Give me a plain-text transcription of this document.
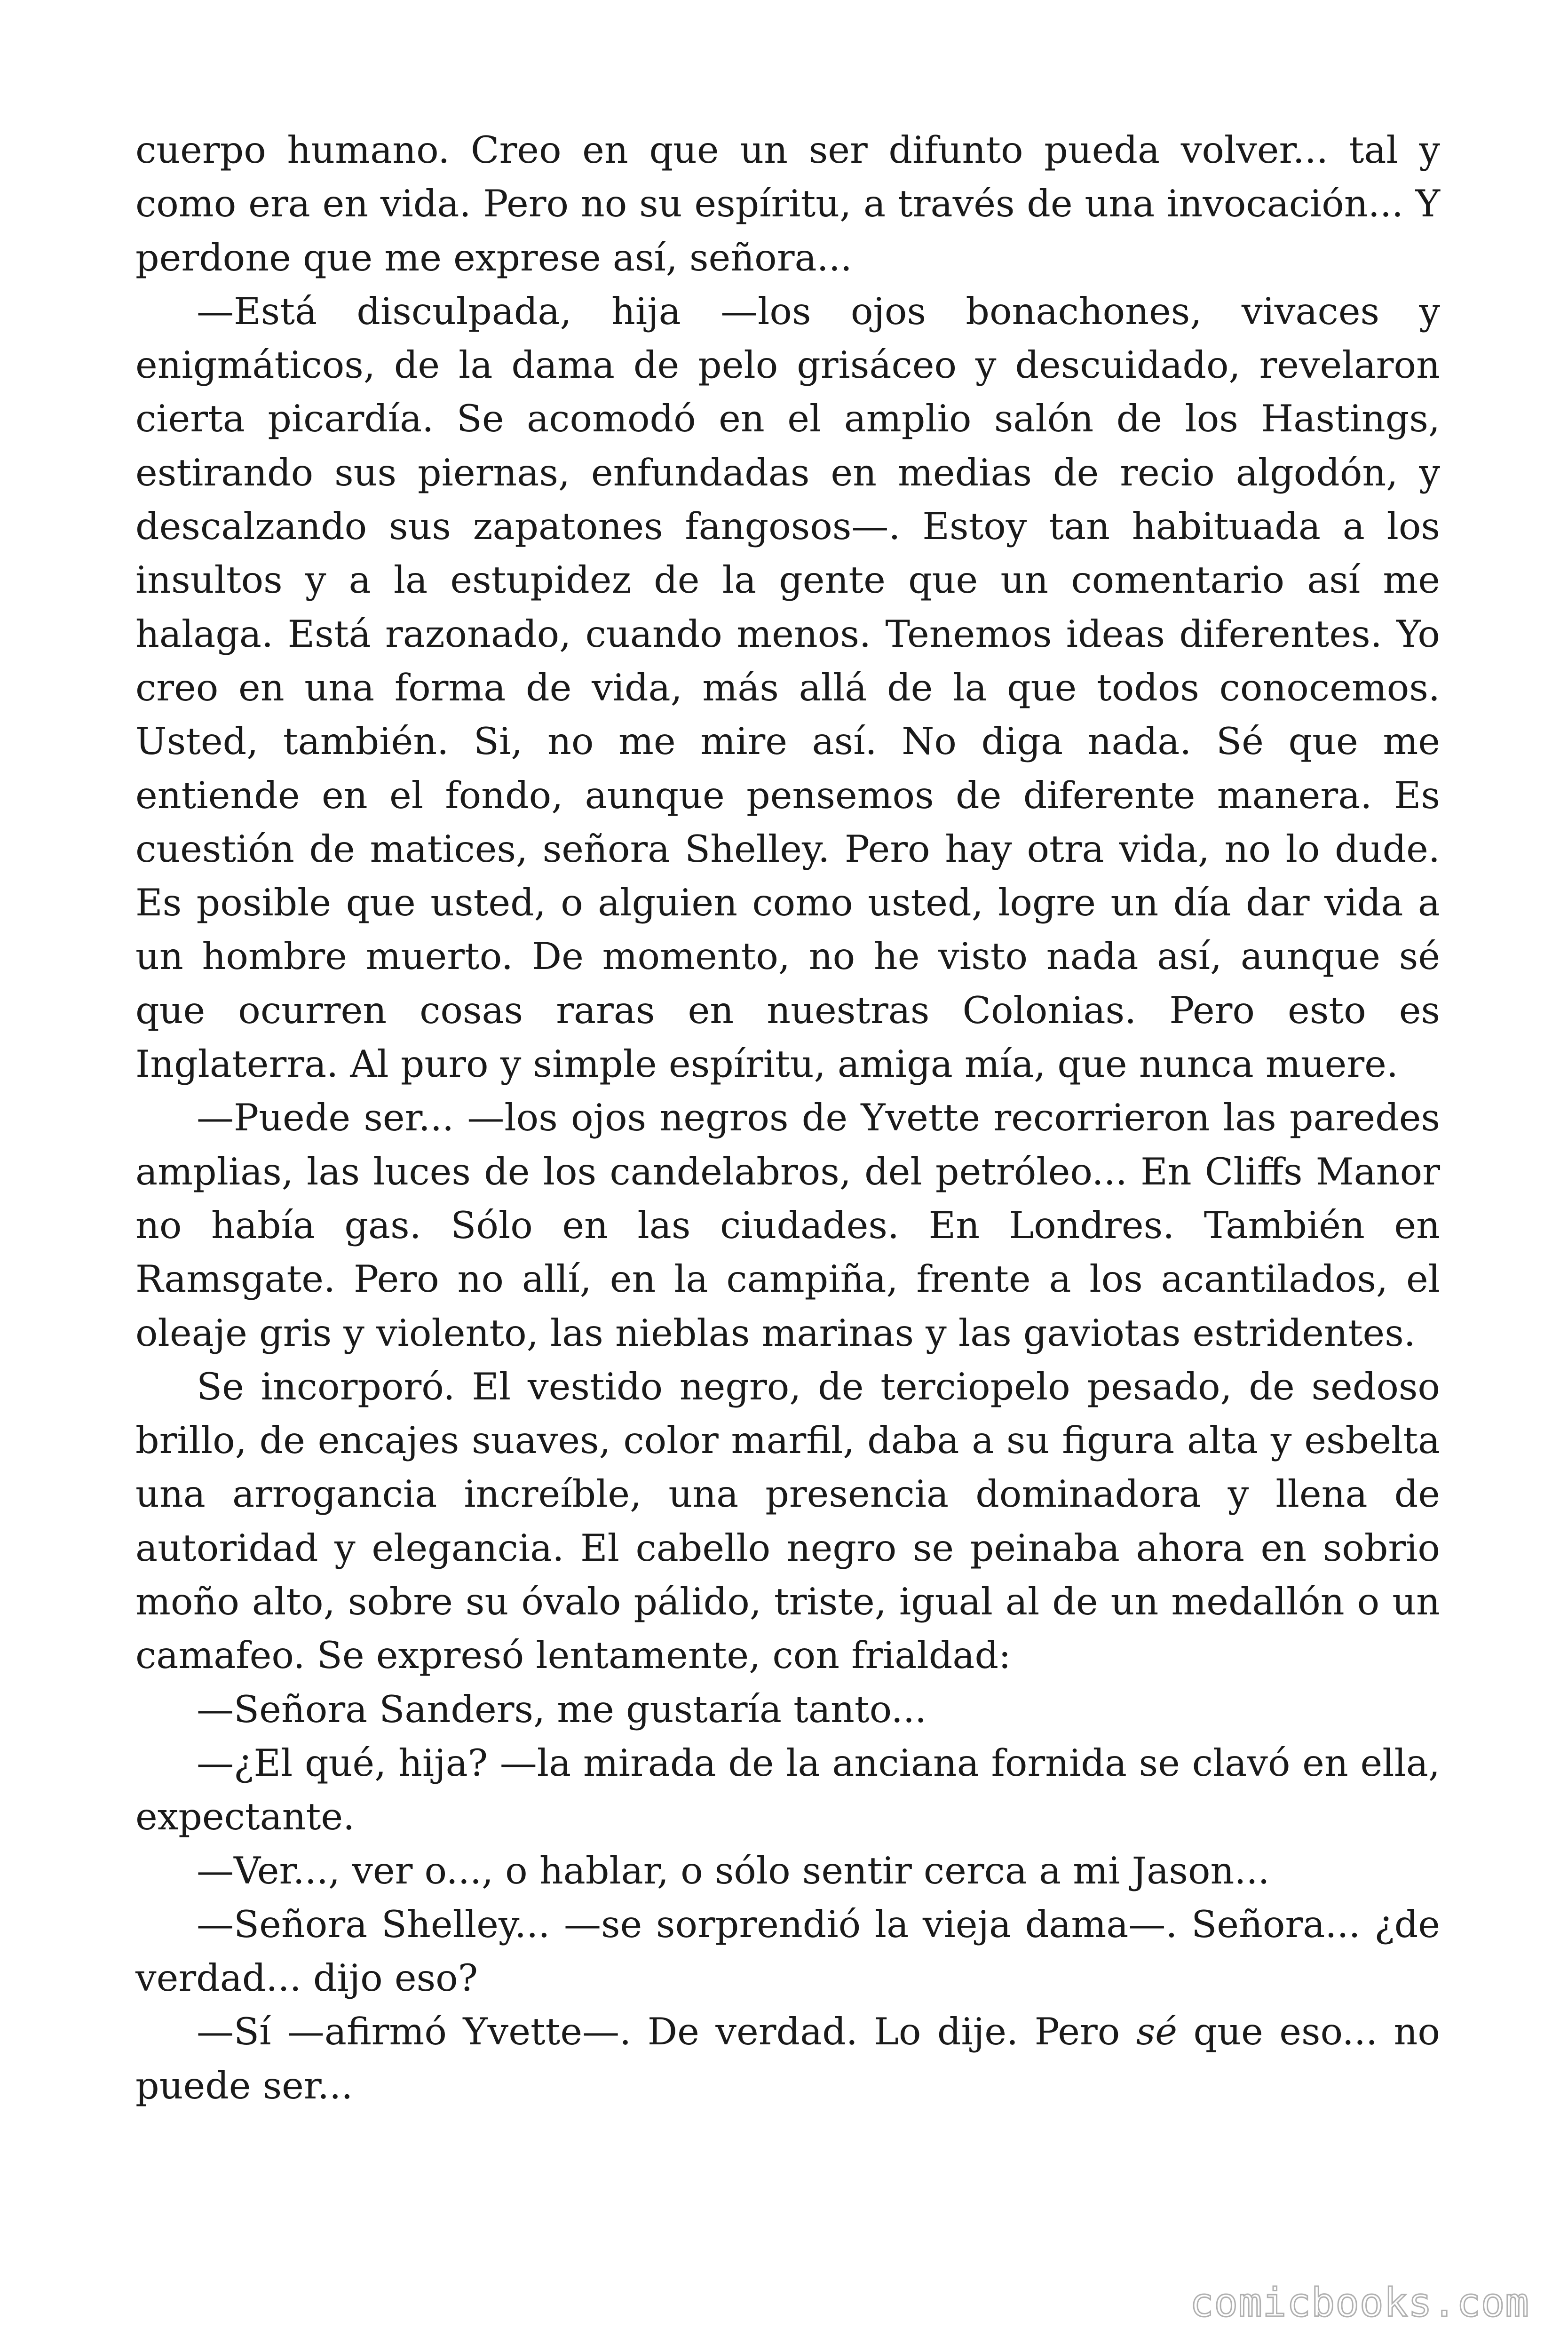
cuerpo humano. Creo en que un ser difunto pueda volver... tal y como era en vida. Pero no su espíritu, a través de una invocación... Y perdone que me exprese así, señora...

—Está disculpada, hija —los ojos bonachones, vivaces y enigmáticos, de la dama de pelo grisáceo y descuidado, revelaron cierta picardía. Se acomodó en el amplio salón de los Hastings, estirando sus piernas, enfundadas en medias de recio algodón, y descalzando sus zapatones fangosos—. Estoy tan habituada a los insultos y a la estupidez de la gente que un comentario así me halaga. Está razonado, cuando menos. Tenemos ideas diferentes. Yo creo en una forma de vida, más allá de la que todos conocemos. Usted, también. Si, no me mire así. No diga nada. Sé que me entiende en el fondo, aunque pensemos de diferente manera. Es cuestión de matices, señora Shelley. Pero hay otra vida, no lo dude. Es posible que usted, o alguien como usted, logre un día dar vida a un hombre muerto. De momento, no he visto nada así, aunque sé que ocurren cosas raras en nuestras Colonias. Pero esto es Inglaterra. Al puro y simple espíritu, amiga mía, que nunca muere.

—Puede ser... —los ojos negros de Yvette recorrieron las paredes amplias, las luces de los candelabros, del petróleo... En Cliffs Manor no había gas. Sólo en las ciudades. En Londres. También en Ramsgate. Pero no allí, en la campiña, frente a los acantilados, el oleaje gris y violento, las nieblas marinas y las gaviotas estridentes.

Se incorporó. El vestido negro, de terciopelo pesado, de sedoso brillo, de encajes suaves, color marfil, daba a su figura alta y esbelta una arrogancia increíble, una presencia dominadora y llena de autoridad y elegancia. El cabello negro se peinaba ahora en sobrio moño alto, sobre su óvalo pálido, triste, igual al de un medallón o un camafeo. Se expresó lentamente, con frialdad:

—Señora Sanders, me gustaría tanto...

—¿El qué, hija? —la mirada de la anciana fornida se clavó en ella, expectante.

—Ver..., ver o..., o hablar, o sólo sentir cerca a mi Jason...

—Señora Shelley... —se sorprendió la vieja dama—. Señora... ¿de verdad... dijo eso?

—Sí —afirmó Yvette—. De verdad. Lo dije. Pero sé que eso... no puede ser...

comicbooks.com
